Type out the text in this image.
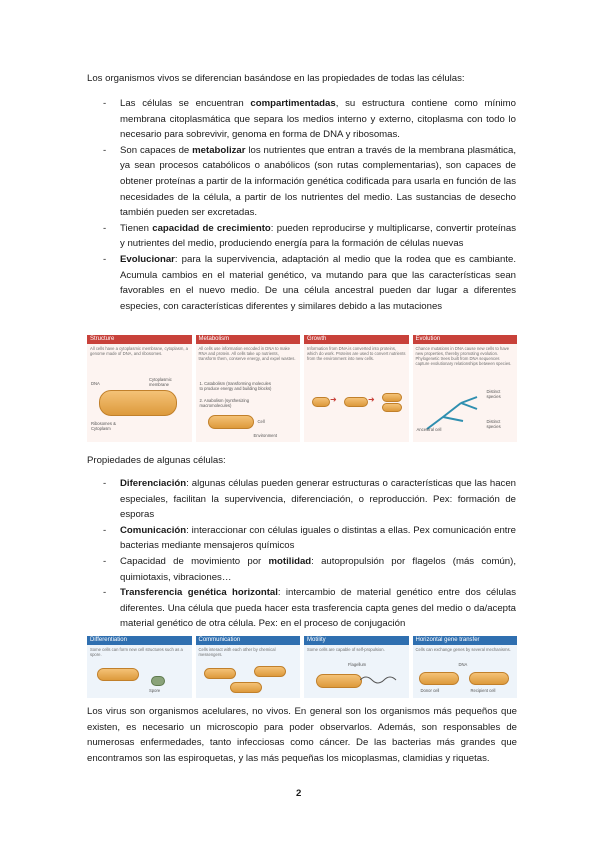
Los organismos vivos se diferencian basándose en las propiedades de todas las células:

- Las células se encuentran compartimentadas, su estructura contiene como mínimo membrana citoplasmática que separa los medios interno y externo, citoplasma con todo lo necesario para sobrevivir, genoma en forma de DNA y ribosomas.
- Son capaces de metabolizar los nutrientes que entran a través de la membrana plasmática, ya sean procesos catabólicos o anabólicos (son rutas complementarias), son capaces de obtener proteínas a partir de la información genética codificada para usarla en función de las necesidades de la célula, a partir de los nutrientes del medio. Las sustancias de desecho también pueden ser excretadas.
- Tienen capacidad de crecimiento: pueden reproducirse y multiplicarse, convertir proteínas y nutrientes del medio, produciendo energía para la formación de células nuevas
- Evolucionar: para la supervivencia, adaptación al medio que la rodea que es cambiante. Acumula cambios en el material genético, va mutando para que las características sean favorables en el nuevo medio. De una célula ancestral pueden dar lugar a diferentes especies, con características diferentes y similares debido a las mutaciones
Structure
All cells have a cytoplasmic membrane, cytoplasm, a genome made of DNA, and ribosomes.
DNA
Cytoplasmic membrane
Ribosomes & Cytoplasm
Metabolism
All cells use information encoded in DNA to make RNA and protein. All cells take up nutrients, transform them, conserve energy, and expel wastes.
1. Catabolism (transforming molecules to produce energy and building blocks)
2. Anabolism (synthesizing macromolecules)
Cell
Environment
Growth
Information from DNA is converted into proteins, which do work. Proteins are used to convert nutrients from the environment into new cells.
➜	➜
Evolution
Chance mutations in DNA cause new cells to have new properties, thereby promoting evolution. Phylogenetic trees built from DNA sequences capture evolutionary relationships between species.
Distinct species
Ancestral cell
Distinct species

Propiedades de algunas células:

- Diferenciación: algunas células pueden generar estructuras o características que las hacen especiales, facilitan la supervivencia, diferenciación, o reproducción. Pex: formación de esporas
- Comunicación: interaccionar con células iguales o distintas a ellas. Pex comunicación entre bacterias mediante mensajeros químicos
- Capacidad de movimiento por motilidad: autopropulsión por flagelos (más común), quimiotaxis, vibraciones…
- Transferencia genética horizontal: intercambio de material genético entre dos células diferentes. Una célula que pueda hacer esta trasferencia capta genes del medio o da/acepta material genético de otra célula. Pex: en el proceso de conjugación
Differentiation
Some cells can form new cell structures such as a spore.
Spore
Communication
Cells interact with each other by chemical messengers.
Motility
Some cells are capable of self-propulsion.
Flagellum
Horizontal gene transfer
Cells can exchange genes by several mechanisms.
DNA
Donor cell	Recipient cell

Los virus son organismos acelulares, no vivos. En general son los organismos más pequeños que existen, es necesario un microscopio para poder observarlos. Además, son responsables de numerosas enfermedades, tanto infecciosas como cáncer. De las bacterias más grandes que encontramos son las espiroquetas, y las más pequeñas los micoplasmas, clamidias y riquetas.

2
